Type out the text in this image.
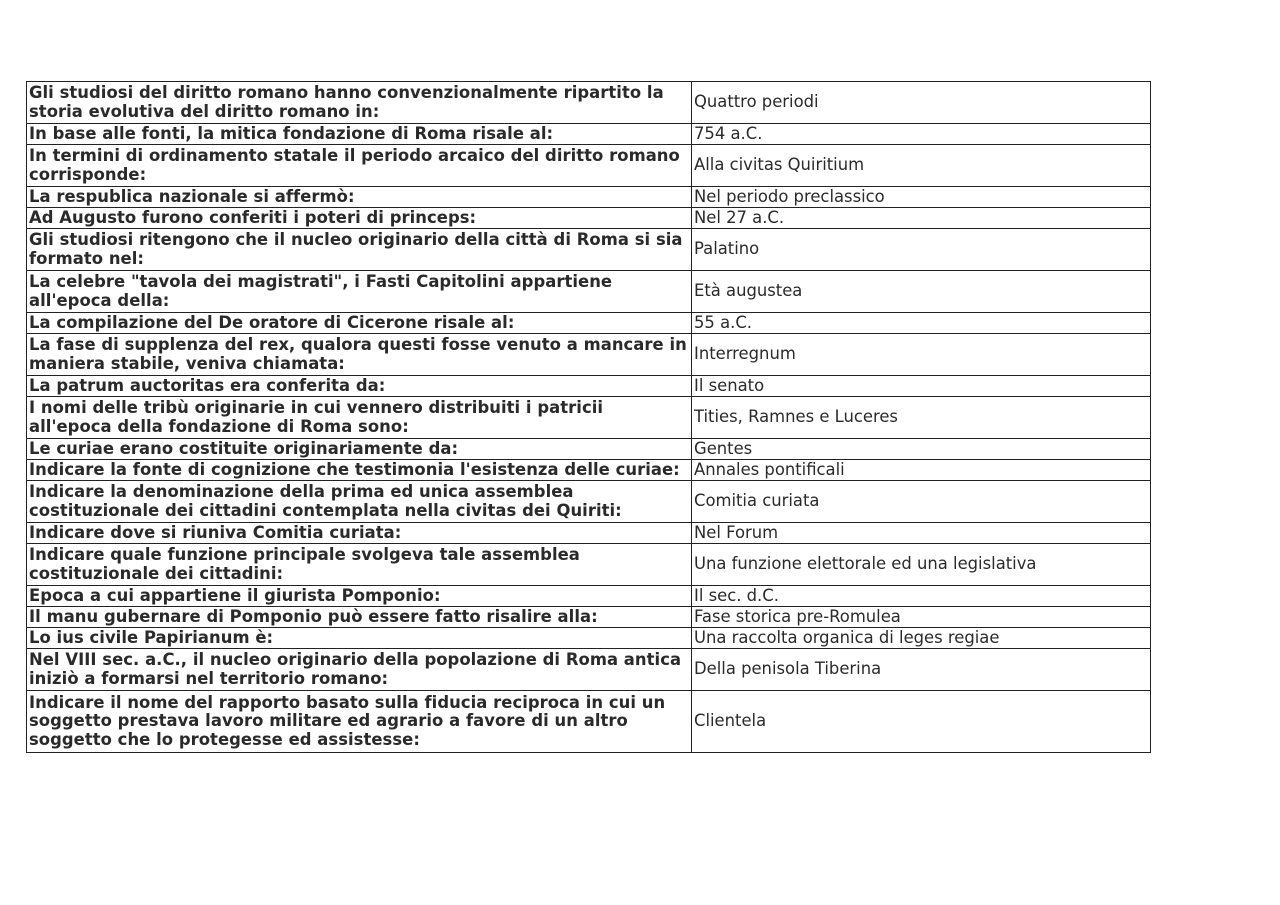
Gli studiosi del diritto romano hanno convenzionalmente ripartito la storia evolutiva del diritto romano in:	Quattro periodi
In base alle fonti, la mitica fondazione di Roma risale al:	754 a.C.
In termini di ordinamento statale il periodo arcaico del diritto romano corrisponde:	Alla civitas Quiritium
La respublica nazionale si affermò:	Nel periodo preclassico
Ad Augusto furono conferiti i poteri di princeps:	Nel 27 a.C.
Gli studiosi ritengono che il nucleo originario della città di Roma si sia formato nel:	Palatino
La celebre "tavola dei magistrati", i Fasti Capitolini appartiene all'epoca della:	Età augustea
La compilazione del De oratore di Cicerone risale al:	55 a.C.
La fase di supplenza del rex, qualora questi fosse venuto a mancare in maniera stabile, veniva chiamata:	Interregnum
La patrum auctoritas era conferita da:	Il senato
I nomi delle tribù originarie in cui vennero distribuiti i patricii all'epoca della fondazione di Roma sono:	Tities, Ramnes e Luceres
Le curiae erano costituite originariamente da:	Gentes
Indicare la fonte di cognizione che testimonia l'esistenza delle curiae:	Annales pontificali
Indicare la denominazione della prima ed unica assemblea costituzionale dei cittadini contemplata nella civitas dei Quiriti:	Comitia curiata
Indicare dove si riuniva Comitia curiata:	Nel Forum
Indicare quale funzione principale svolgeva tale assemblea costituzionale dei cittadini:	Una funzione elettorale ed una legislativa
Epoca a cui appartiene il giurista Pomponio:	Il sec. d.C.
Il manu gubernare di Pomponio può essere fatto risalire alla:	Fase storica pre-Romulea
Lo ius civile Papirianum è:	Una raccolta organica di leges regiae
Nel VIII sec. a.C., il nucleo originario della popolazione di Roma antica iniziò a formarsi nel territorio romano:	Della penisola Tiberina
Indicare il nome del rapporto basato sulla fiducia reciproca in cui un soggetto prestava lavoro militare ed agrario a favore di un altro soggetto che lo protegesse ed assistesse:	Clientela
